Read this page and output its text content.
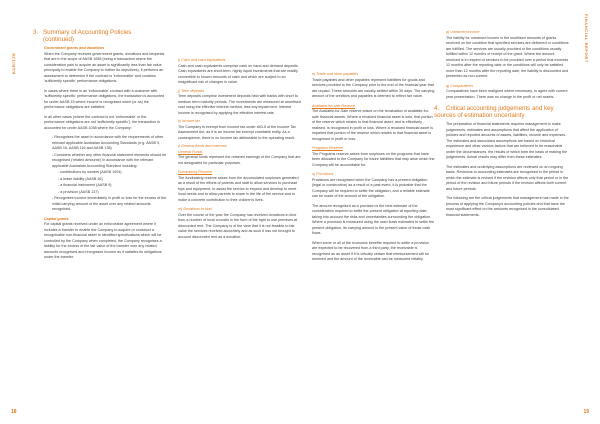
KURITZE
FINANCIAL REPORT
3. Summary of Accounting Policies
(continued)
Government grants and donations

When the Company receives government grants, donations and bequests that are in the scope of AASB 1058 (being a transaction where the consideration paid to acquire an asset is significantly less than fair value principally to enable the Company to further its objectives), it performs an assessment to determine if the contract is 'enforceable' and contains 'sufficiently specific' performance obligations.

In cases where there is an 'enforceable' contract with a customer with 'sufficiently specific' performance obligations, the transaction is accounted for under AASB 15 where income is recognised when (or as) the performance obligations are satisfied.

In all other cases (where the contract is not 'enforceable' or the performance obligations are not 'sufficiently specific'), the transaction is accounted for under AASB 1058 where the Company:

- Recognises the asset in accordance with the requirements of other relevant applicable Australian Accounting Standards (e.g. AASB 9, AASB 16, AASB 116 and AASB 138)
- Considers whether any other financial statement elements should be recognised ('related amounts') in accordance with the relevant applicable Australian Accounting Standard including:
- contributions by owners (AASB 1004)
- a lease liability (AASB 16)
- a financial instrument (AASB 9)
- a provision (AASB 137)
- Recognises income immediately in profit or loss for the excess of the initial carrying amount of the asset over any related amounts recognised.
Capital grants

For capital grants received under an enforceable agreement where it includes a transfer to enable the Company to acquire or construct a recognisable non-financial asset to identified specifications which will be controlled by the Company when completed, the Company recognises a liability for the excess of the fair value of the transfer over any related amounts recognised and recognises income as it satisfies its obligations under the transfer.

i) Cash and cash equivalents
Cash and cash equivalents comprise cash on hand and demand deposits. Cash equivalents are short-term, highly liquid investments that are readily convertible to known amounts of cash and which are subject to an insignificant risk of changes in value.
j) Term deposits
Term deposits comprise investment deposits held with banks with short to medium term maturity periods. The investments are measured at amortised cost using the effective interest method, less any impairment. Interest income is recognised by applying the effective interest rate.
k) Income tax
The Company is exempt from income tax under s50-5 of the Income Tax Assessment Act, as it is an income tax exempt charitable entity. As a consequence, there is no income tax attributable to the operating result.
l) General funds and reserves
General Funds

The general funds represent the retained earnings of the Company that are not designated for particular purposes.

Fundraising Reserve

The fundraising reserve arises from the accumulated surpluses generated as a result of the efforts of parents and staff to allow services to purchase toys and equipment, to assist the service to expand and develop to meet local needs and to allow parents to share in the life of the service and to make a concrete contribution to their children's lives.

m) Donations in kind
Over the course of the year the Company has received donations in kind from a number of local councils in the form of the right to use premises at discounted rent. The Company is of the view that it is not feasible to fair value the services received accurately and as such it has not brought to account discounted rent as a donation.
n) Trade and other payables

Trade payables and other payables represent liabilities for goods and services provided to the Company prior to the end of the financial year that are unpaid. These amounts are usually settled within 30 days. The carrying amount of the creditors and payables is deemed to reflect fair value.

Available-for-sale Reserve

The Available-for-Sale reserve arises on the revaluation of available-for-sale financial assets. Where a revalued financial asset is sold, that portion of the reserve which relates to that financial asset, and is effectively realised, is recognised in profit or loss. Where a revalued financial asset is impaired that portion of the reserve which relates to that financial asset is recognised in profit or loss.

Programs Reserve

The Programs reserve arises from surpluses on the programs that have been allocated to the Company for future liabilities that may arise which the Company will be accountable for.

o) Provisions

Provisions are recognised when the Company has a present obligation (legal or constructive) as a result of a past event, it is probable that the Company will be required to settle the obligation, and a reliable estimate can be made of the amount of the obligation.

The amount recognised as a provision is the best estimate of the consideration required to settle the present obligation at reporting date, taking into account the risks and uncertainties surrounding the obligation. Where a provision is measured using the cash flows estimated to settle the present obligation, its carrying amount is the present value of those cash flows.

When some or all of the economic benefits required to settle a provision are expected to be recovered from a third party, the receivable is recognised as an asset if it is virtually certain that reimbursement will be received and the amount of the receivable can be measured reliably.

p) Unearned income

The liability for unearned income is the unutilised amounts of grants received on the condition that specified services are delivered or conditions are fulfilled. The services are usually provided or the conditions usually fulfilled within 12 months of receipt of the grant. Where the amount received is in respect of services to be provided over a period that exceeds 12 months after the reporting date or the conditions will only be satisfied more than 12 months after the reporting date, the liability is discounted and presented as non-current.

q) Comparatives

Comparatives have been realigned where necessary, to agree with current year presentation. There was no change in the profit or net assets.

4. Critical accounting judgements and key sources of estimation uncertainty

The preparation of financial statements requires management to make judgements, estimates and assumptions that affect the application of policies and reported amounts of assets, liabilities, income and expenses. The estimates and associated assumptions are based on historical experience and other various factors that are believed to be reasonable under the circumstances, the results of which form the basis of making the judgements. Actual results may differ from these estimates.

The estimates and underlying assumptions are reviewed on an ongoing basis. Revisions to accounting estimates are recognised in the period in which the estimate is revised if the revision affects only that period or in the period of the revision and future periods if the revision affects both current and future periods.

The following are the critical judgements that management has made in the process of applying the Company's accounting policies and that have the most significant effect on the amounts recognised in the consolidated financial statements.

18	19
